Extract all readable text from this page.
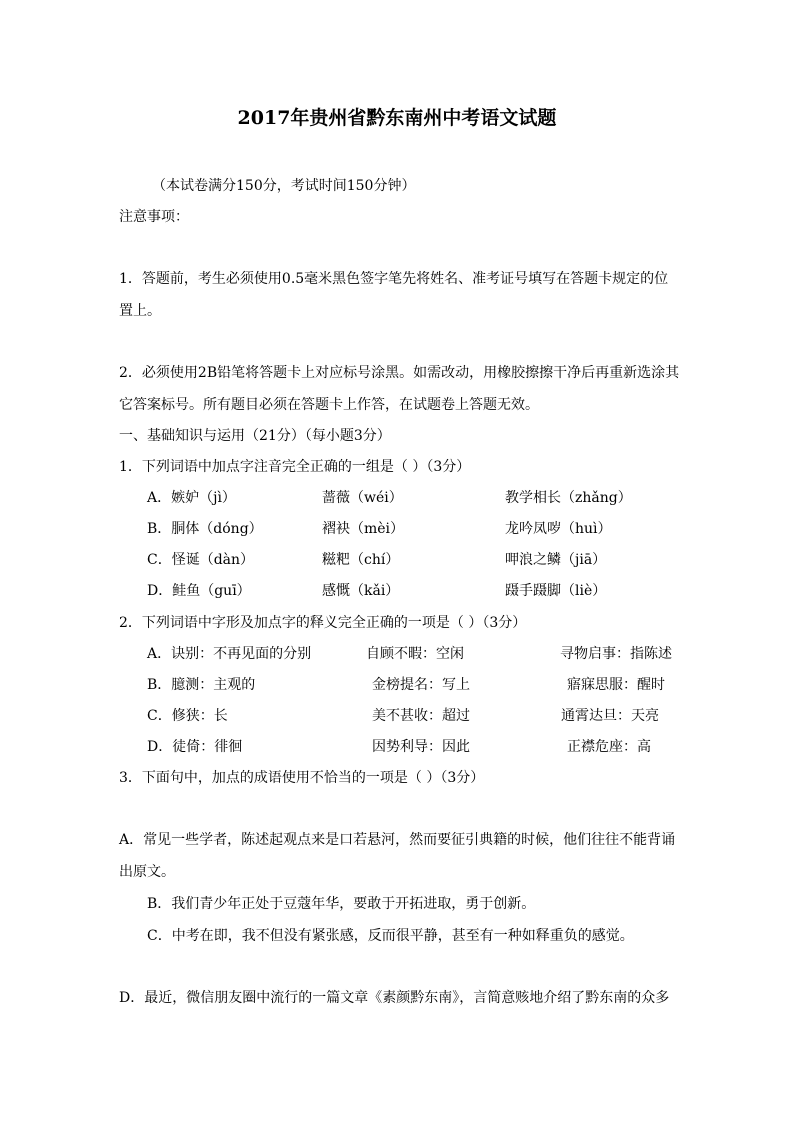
2017年贵州省黔东南州中考语文试题
（本试卷满分150分，考试时间150分钟）
注意事项：
1．答题前，考生必须使用0.5毫米黑色签字笔先将姓名、准考证号填写在答题卡规定的位
置上。
2．必须使用2B铅笔将答题卡上对应标号涂黑。如需改动，用橡胶擦擦干净后再重新选涂其
它答案标号。所有题目必须在答题卡上作答，在试题卷上答题无效。
一、基础知识与运用（21分）（每小题3分）
1．下列词语中加点字注音完全正确的一组是（ ）（3分）
A．嫉妒（jì）	蔷薇（wéi）	教学相长（zhǎng）
B．胴体（dóng）	褶袂（mèi）	龙吟凤哕（huì）
C．怪诞（dàn）	糍粑（chí）	呷浪之鳞（jiā）
D．鲑鱼（guī）	感慨（kǎi）	蹑手蹑脚（liè）
2．下列词语中字形及加点字的释义完全正确的一项是（ ）（3分）
A．诀别：不再见面的分别	自顾不暇：空闲	寻物启事：指陈述
B．臆测：主观的	金榜提名：写上	寤寐思服：醒时
C．修狭：长	美不甚收：超过	通霄达旦：天亮
D．徒倚：徘徊	因势利导：因此	正襟危座：高
3．下面句中，加点的成语使用不恰当的一项是（ ）（3分）
A．常见一些学者，陈述起观点来是口若悬河，然而要征引典籍的时候，他们往往不能背诵
出原文。
B．我们青少年正处于豆蔻年华，要敢于开拓进取，勇于创新。
C．中考在即，我不但没有紧张感，反而很平静，甚至有一种如释重负的感觉。
D．最近，微信朋友圈中流行的一篇文章《素颜黔东南》，言简意赅地介绍了黔东南的众多
